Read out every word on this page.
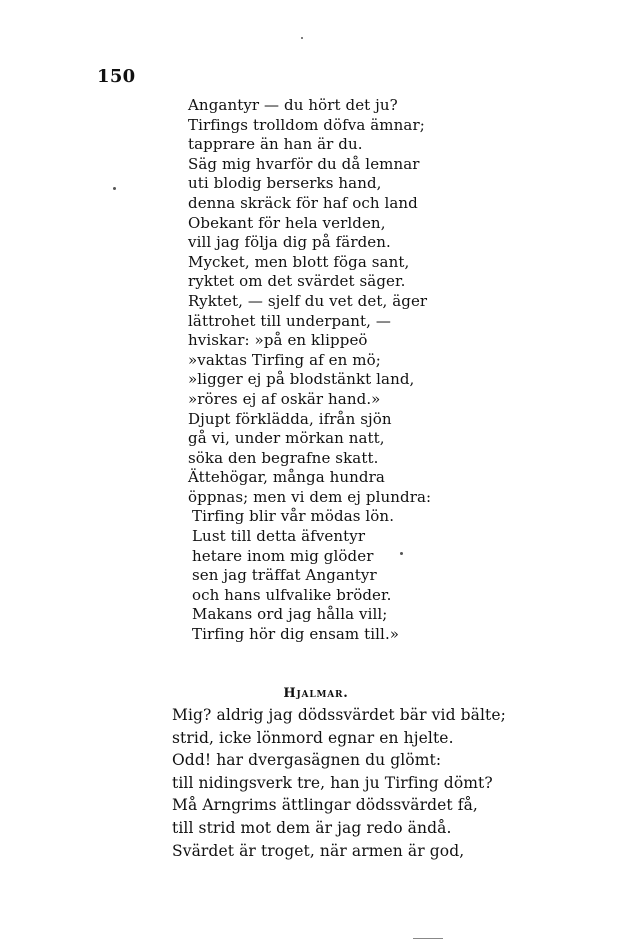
150
Angantyr — du hört det ju?
Tirfings trolldom döfva ämnar;
tapprare än han är du.
Säg mig hvarför du då lemnar
uti blodig berserks hand,
denna skräck för haf och land
Obekant för hela verlden,
vill jag följa dig på färden.
Mycket, men blott föga sant,
ryktet om det svärdet säger.
Ryktet, — sjelf du vet det, äger
lättrohet till underpant, —
hviskar: »på en klippeö
»vaktas Tirfing af en mö;
»ligger ej på blodstänkt land,
»röres ej af oskär hand.»
Djupt förklädda, ifrån sjön
gå vi, under mörkan natt,
söka den begrafne skatt.
Ättehögar, många hundra
öppnas; men vi dem ej plundra:
Tirfing blir vår mödas lön.
Lust till detta äfventyr
hetare inom mig glöder
sen jag träffat Angantyr
och hans ulfvalike bröder.
Makans ord jag hålla vill;
Tirfing hör dig ensam till.»
Hjalmar.
Mig? aldrig jag dödssvärdet bär vid bälte;
strid, icke lönmord egnar en hjelte.
Odd! har dvergasägnen du glömt:
till nidingsverk tre, han ju Tirfing dömt?
Må Arngrims ättlingar dödssvärdet få,
till strid mot dem är jag redo ändå.
Svärdet är troget, när armen är god,
